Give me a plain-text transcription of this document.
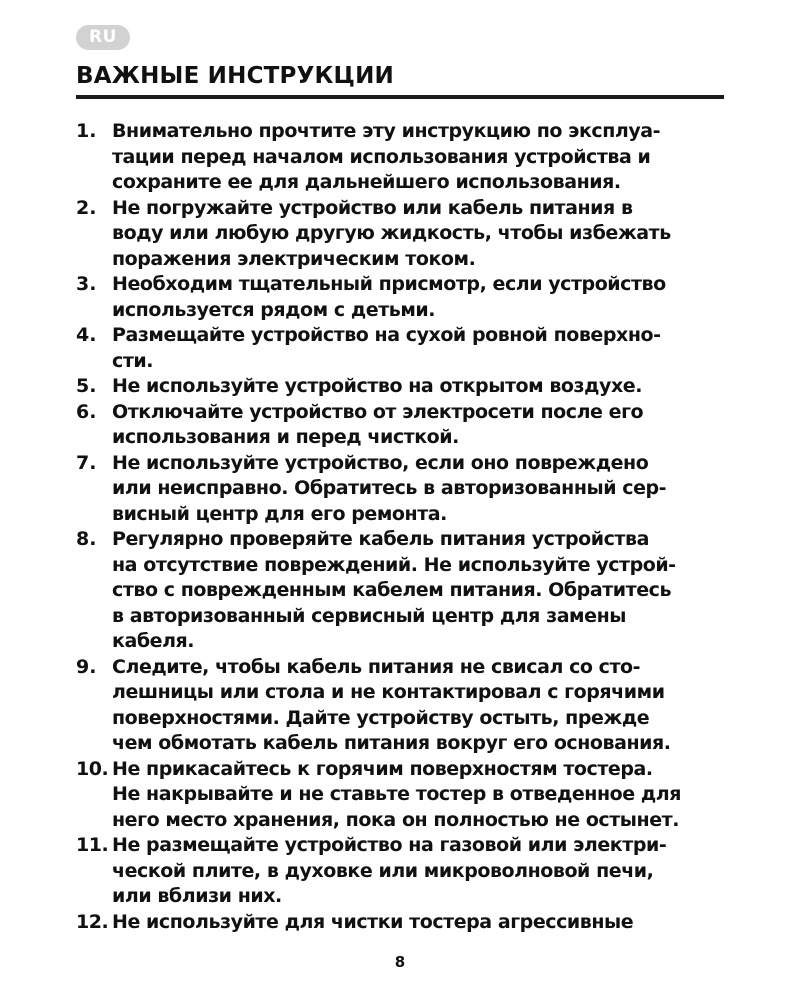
RU
ВАЖНЫЕ ИНСТРУКЦИИ
1. Внимательно прочтите эту инструкцию по эксплуа-
тации перед началом использования устройства и
сохраните ее для дальнейшего использования.
2. Не погружайте устройство или кабель питания в
воду или любую другую жидкость, чтобы избежать
поражения электрическим током.
3. Необходим тщательный присмотр, если устройство
используется рядом с детьми.
4. Размещайте устройство на сухой ровной поверхно-
сти.
5. Не используйте устройство на открытом воздухе.
6. Отключайте устройство от электросети после его
использования и перед чисткой.
7. Не используйте устройство, если оно повреждено
или неисправно. Обратитесь в авторизованный сер-
висный центр для его ремонта.
8. Регулярно проверяйте кабель питания устройства
на отсутствие повреждений. Не используйте устрой-
ство с поврежденным кабелем питания. Обратитесь
в авторизованный сервисный центр для замены
кабеля.
9. Следите, чтобы кабель питания не свисал со сто-
лешницы или стола и не контактировал с горячими
поверхностями. Дайте устройству остыть, прежде
чем обмотать кабель питания вокруг его основания.
10. Не прикасайтесь к горячим поверхностям тостера.
Не накрывайте и не ставьте тостер в отведенное для
него место хранения, пока он полностью не остынет.
11. Не размещайте устройство на газовой или электри-
ческой плите, в духовке или микроволновой печи,
или вблизи них.
12. Не используйте для чистки тостера агрессивные
8
